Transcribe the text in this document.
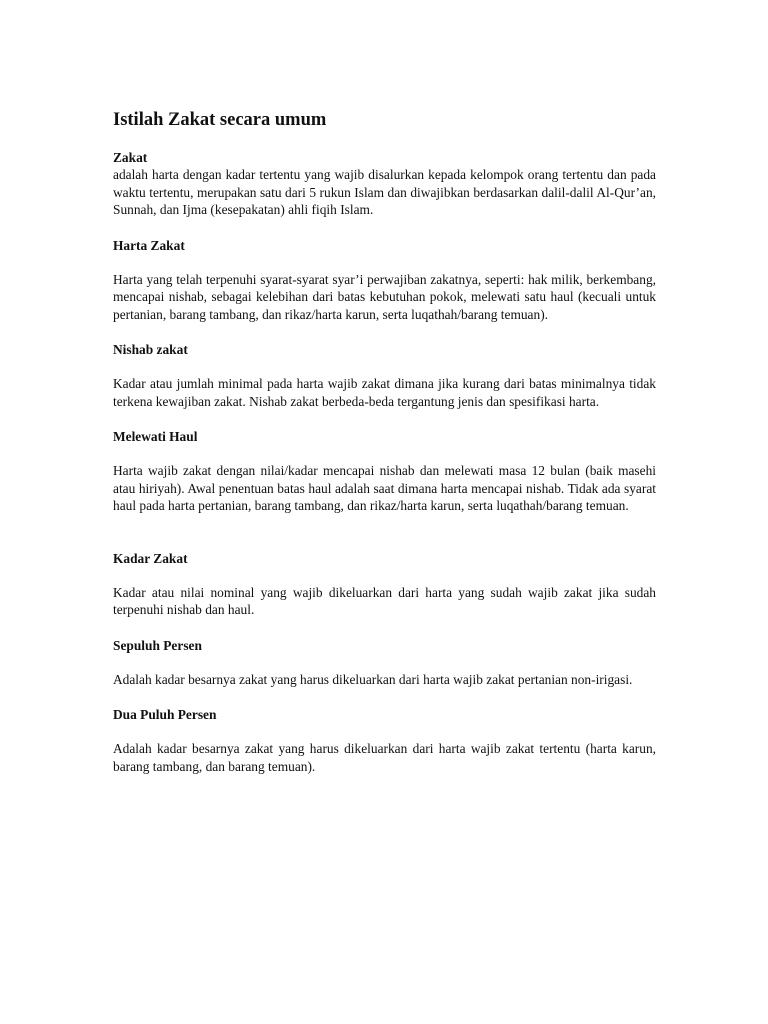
Istilah Zakat secara umum

Zakat

adalah harta dengan kadar tertentu yang wajib disalurkan kepada kelompok orang tertentu dan pada waktu tertentu, merupakan satu dari 5 rukun Islam dan diwajibkan berdasarkan dalil-dalil Al-Qur’an, Sunnah, dan Ijma (kesepakatan) ahli fiqih Islam.

Harta Zakat

Harta yang telah terpenuhi syarat-syarat syar’i perwajiban zakatnya, seperti: hak milik, berkembang, mencapai nishab, sebagai kelebihan dari batas kebutuhan pokok, melewati satu haul (kecuali untuk pertanian, barang tambang, dan rikaz/harta karun, serta luqathah/barang temuan).

Nishab zakat

Kadar atau jumlah minimal pada harta wajib zakat dimana jika kurang dari batas minimalnya tidak terkena kewajiban zakat. Nishab zakat berbeda-beda tergantung jenis dan spesifikasi harta.

Melewati Haul

Harta wajib zakat dengan nilai/kadar mencapai nishab dan melewati masa 12 bulan (baik masehi atau hiriyah). Awal penentuan batas haul adalah saat dimana harta mencapai nishab. Tidak ada syarat haul pada harta pertanian, barang tambang, dan rikaz/harta karun, serta luqathah/barang temuan.

Kadar Zakat

Kadar atau nilai nominal yang wajib dikeluarkan dari harta yang sudah wajib zakat jika sudah terpenuhi nishab dan haul.

Sepuluh Persen

Adalah kadar besarnya zakat yang harus dikeluarkan dari harta wajib zakat pertanian non-irigasi.

Dua Puluh Persen

Adalah kadar besarnya zakat yang harus dikeluarkan dari harta wajib zakat tertentu (harta karun, barang tambang, dan barang temuan).
